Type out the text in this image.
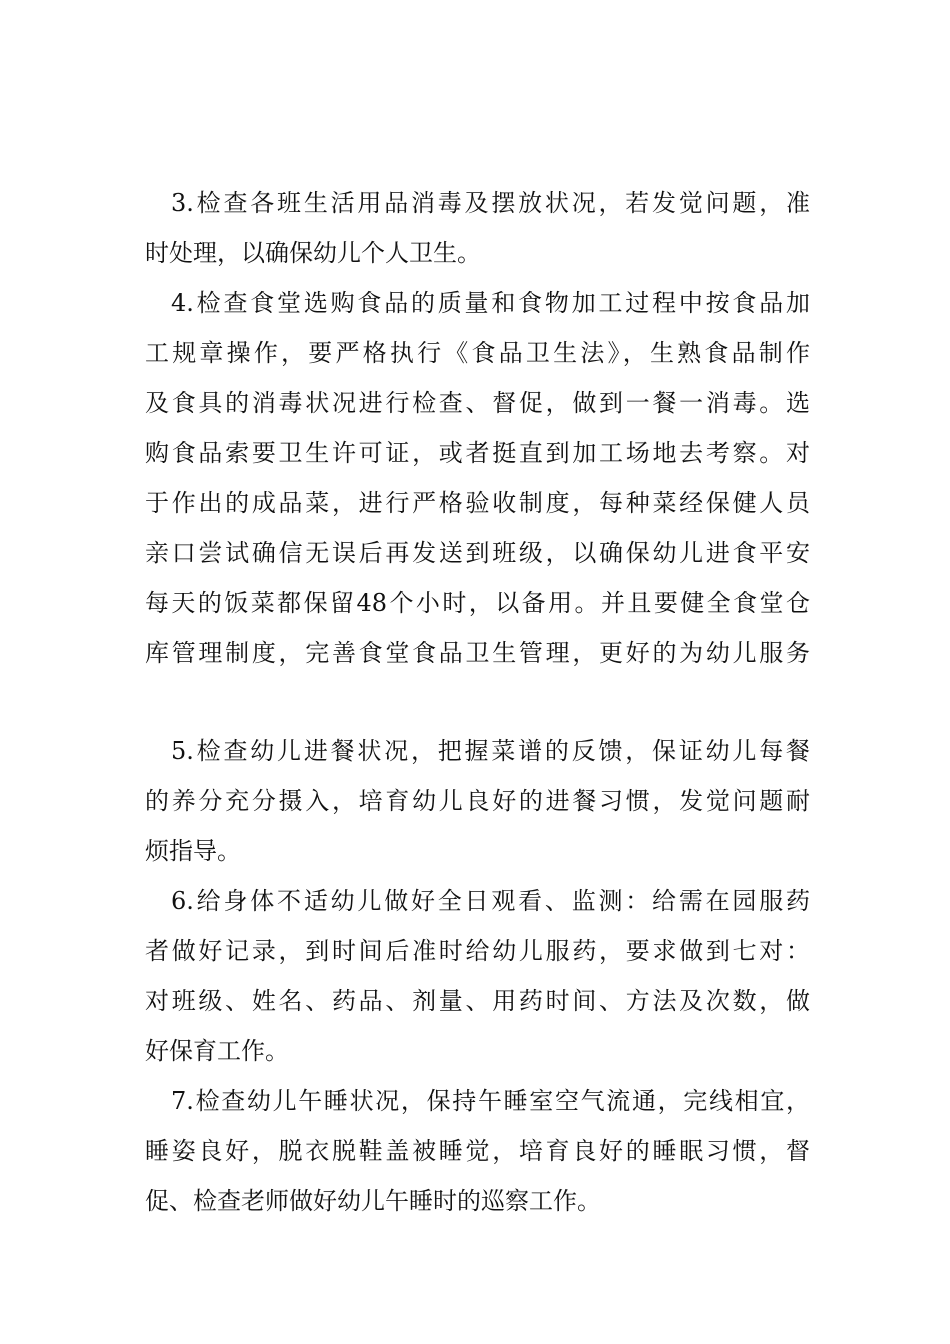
3.检查各班生活用品消毒及摆放状况，若发觉问题，准
时处理，以确保幼儿个人卫生。
4.检查食堂选购食品的质量和食物加工过程中按食品加
工规章操作，要严格执行《食品卫生法》，生熟食品制作
及食具的消毒状况进行检查、督促，做到一餐一消毒。选
购食品索要卫生许可证，或者挺直到加工场地去考察。对
于作出的成品菜，进行严格验收制度，每种菜经保健人员
亲口尝试确信无误后再发送到班级，以确保幼儿进食平安
每天的饭菜都保留48个小时，以备用。并且要健全食堂仓
库管理制度，完善食堂食品卫生管理，更好的为幼儿服务
5.检查幼儿进餐状况，把握菜谱的反馈，保证幼儿每餐
的养分充分摄入，培育幼儿良好的进餐习惯，发觉问题耐
烦指导。
6.给身体不适幼儿做好全日观看、监测：给需在园服药
者做好记录，到时间后准时给幼儿服药，要求做到七对：
对班级、姓名、药品、剂量、用药时间、方法及次数，做
好保育工作。
7.检查幼儿午睡状况，保持午睡室空气流通，完线相宜，
睡姿良好，脱衣脱鞋盖被睡觉，培育良好的睡眠习惯，督
促、检查老师做好幼儿午睡时的巡察工作。
